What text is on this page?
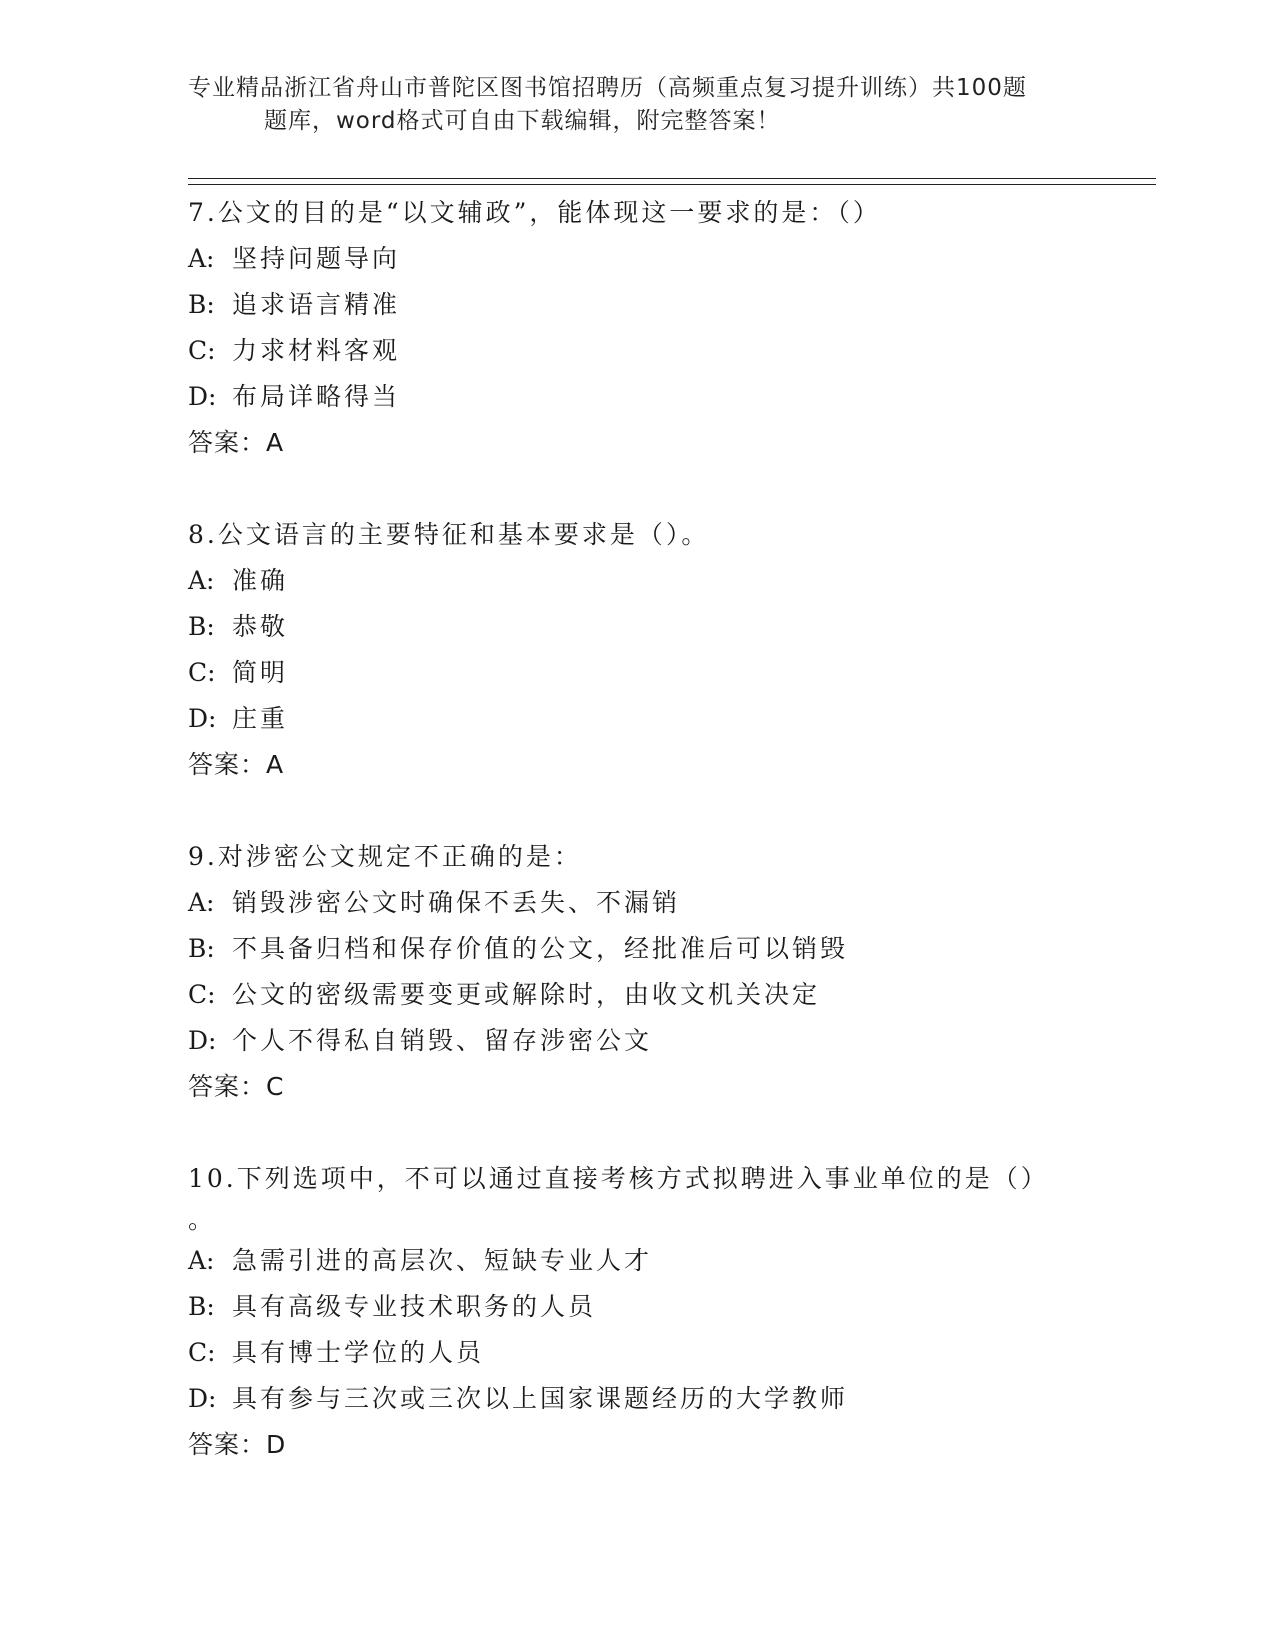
专业精品浙江省舟山市普陀区图书馆招聘历（高频重点复习提升训练）共100题
题库，word格式可自由下载编辑，附完整答案！
7.公文的目的是“以文辅政”，能体现这一要求的是：（）
A: 坚持问题导向
B: 追求语言精准
C: 力求材料客观
D: 布局详略得当
答案：A
8.公文语言的主要特征和基本要求是（）。
A: 准确
B: 恭敬
C: 简明
D: 庄重
答案：A
9.对涉密公文规定不正确的是：
A: 销毁涉密公文时确保不丢失、不漏销
B: 不具备归档和保存价值的公文，经批准后可以销毁
C: 公文的密级需要变更或解除时，由收文机关决定
D: 个人不得私自销毁、留存涉密公文
答案：C
10.下列选项中，不可以通过直接考核方式拟聘进入事业单位的是（）
。
A: 急需引进的高层次、短缺专业人才
B: 具有高级专业技术职务的人员
C: 具有博士学位的人员
D: 具有参与三次或三次以上国家课题经历的大学教师
答案：D
